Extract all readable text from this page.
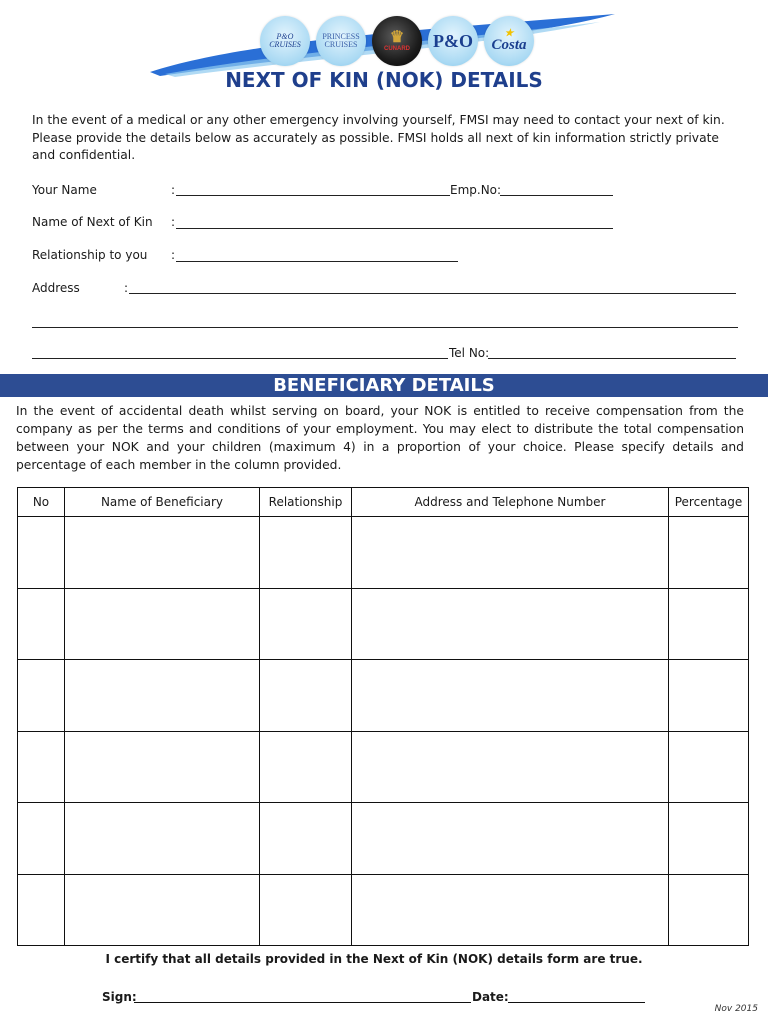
P&O CRUISES
PRINCESS CRUISES	♛
CUNARD P&O	★
Costa
NEXT OF KIN (NOK) DETAILS
In the event of a medical or any other emergency involving yourself, FMSI may need to contact your next of kin. Please provide the details below as accurately as possible. FMSI holds all next of kin information strictly private and confidential.
Your Name	:	Emp.No:
Name of Next of Kin :
Relationship to you :
Address	:
Tel No:
BENEFICIARY DETAILS
In the event of accidental death whilst serving on board, your NOK is entitled to receive compensation from the company as per the terms and conditions of your employment. You may elect to distribute the total compensation between your NOK and your children (maximum 4) in a proportion of your choice. Please specify details and percentage of each member in the column provided.
No	Name of Beneficiary	Relationship	Address and Telephone Number	Percentage

I certify that all details provided in the Next of Kin (NOK) details form are true.
Sign:	Date:
Nov 2015
